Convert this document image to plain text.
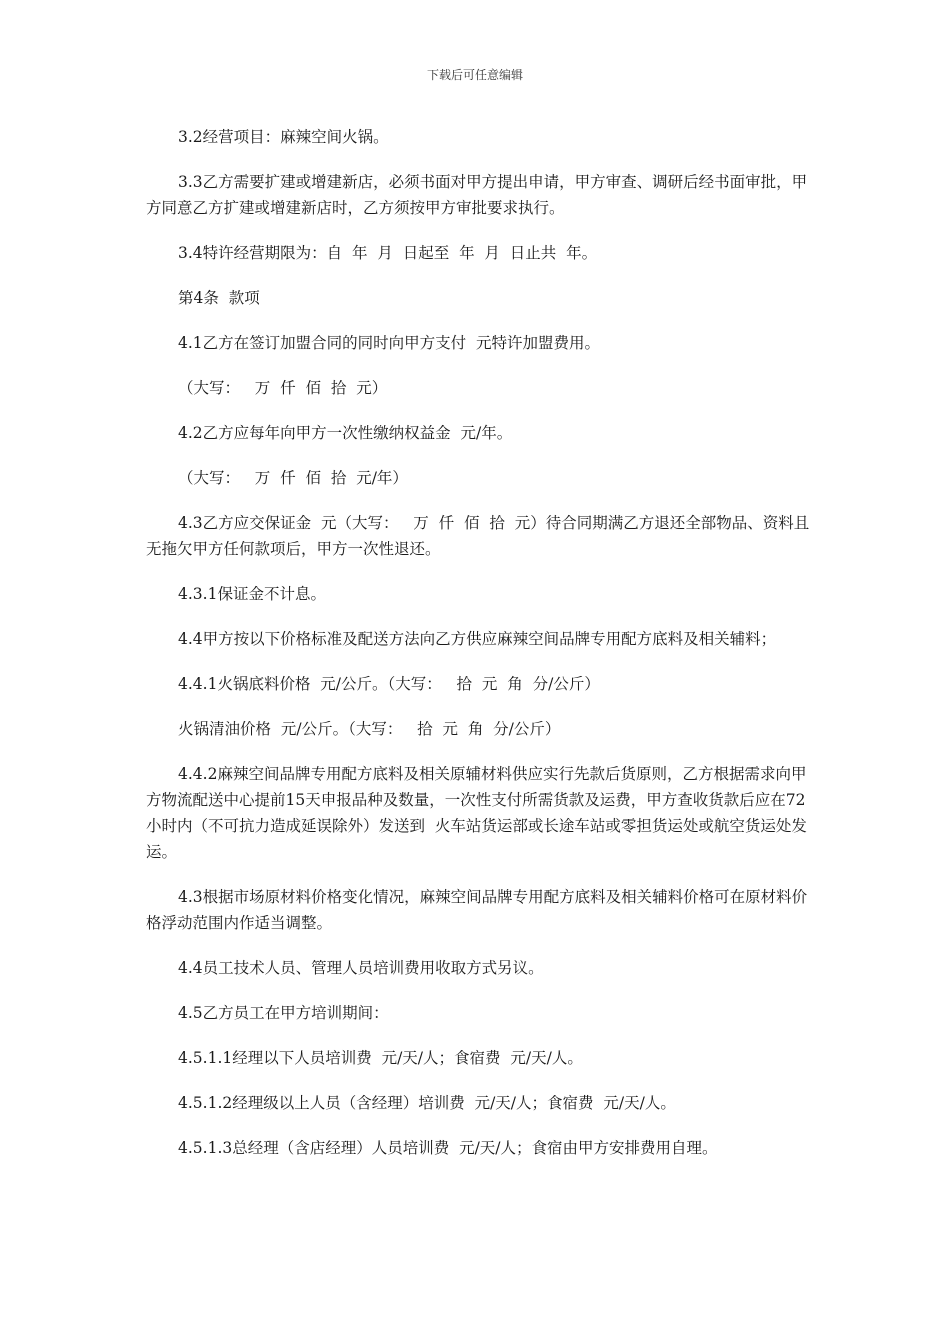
下载后可任意编辑

3.2经营项目：麻辣空间火锅。

3.3乙方需要扩建或增建新店，必须书面对甲方提出申请，甲方审查、调研后经书面审批，甲方同意乙方扩建或增建新店时，乙方须按甲方审批要求执行。

3.4特许经营期限为：自  年  月  日起至  年  月  日止共  年。

第4条  款项

4.1乙方在签订加盟合同的同时向甲方支付  元特许加盟费用。

（大写：   万  仟  佰  拾  元）

4.2乙方应每年向甲方一次性缴纳权益金  元/年。

（大写：   万  仟  佰  拾  元/年）

4.3乙方应交保证金  元（大写：   万  仟  佰  拾  元）待合同期满乙方退还全部物品、资料且无拖欠甲方任何款项后，甲方一次性退还。

4.3.1保证金不计息。

4.4甲方按以下价格标准及配送方法向乙方供应麻辣空间品牌专用配方底料及相关辅料；

4.4.1火锅底料价格  元/公斤。（大写：   拾  元  角  分/公斤）

火锅清油价格  元/公斤。（大写：   拾  元  角  分/公斤）

4.4.2麻辣空间品牌专用配方底料及相关原辅材料供应实行先款后货原则，乙方根据需求向甲方物流配送中心提前15天申报品种及数量，一次性支付所需货款及运费，甲方查收货款后应在72小时内（不可抗力造成延误除外）发送到  火车站货运部或长途车站或零担货运处或航空货运处发运。

4.3根据市场原材料价格变化情况，麻辣空间品牌专用配方底料及相关辅料价格可在原材料价格浮动范围内作适当调整。

4.4员工技术人员、管理人员培训费用收取方式另议。

4.5乙方员工在甲方培训期间：

4.5.1.1经理以下人员培训费  元/天/人；食宿费  元/天/人。

4.5.1.2经理级以上人员（含经理）培训费  元/天/人；食宿费  元/天/人。

4.5.1.3总经理（含店经理）人员培训费  元/天/人；食宿由甲方安排费用自理。
